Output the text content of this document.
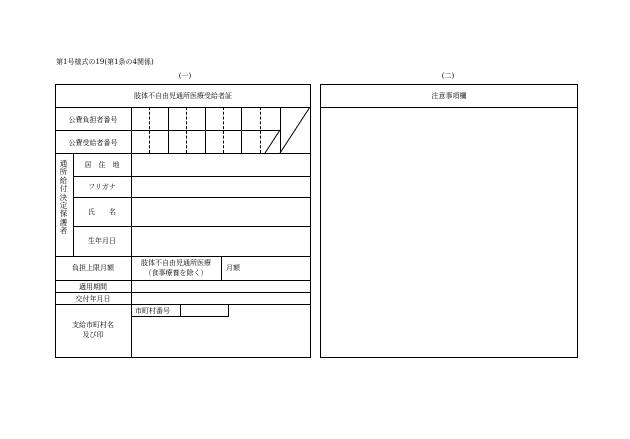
第1号様式の19(第1条の4関係)
(一)	(二)
肢体不自由児通所医療受給者証
公費負担者番号
公費受給者番号
通所給付決定保護者
居　住　地
フリガナ
氏　　名
生年月日
負担上限月額
肢体不自由児通所医療
（食事療養を除く）
月額
適用期間
交付年月日
支給市町村名
及び印
市町村番号
注意事項欄
